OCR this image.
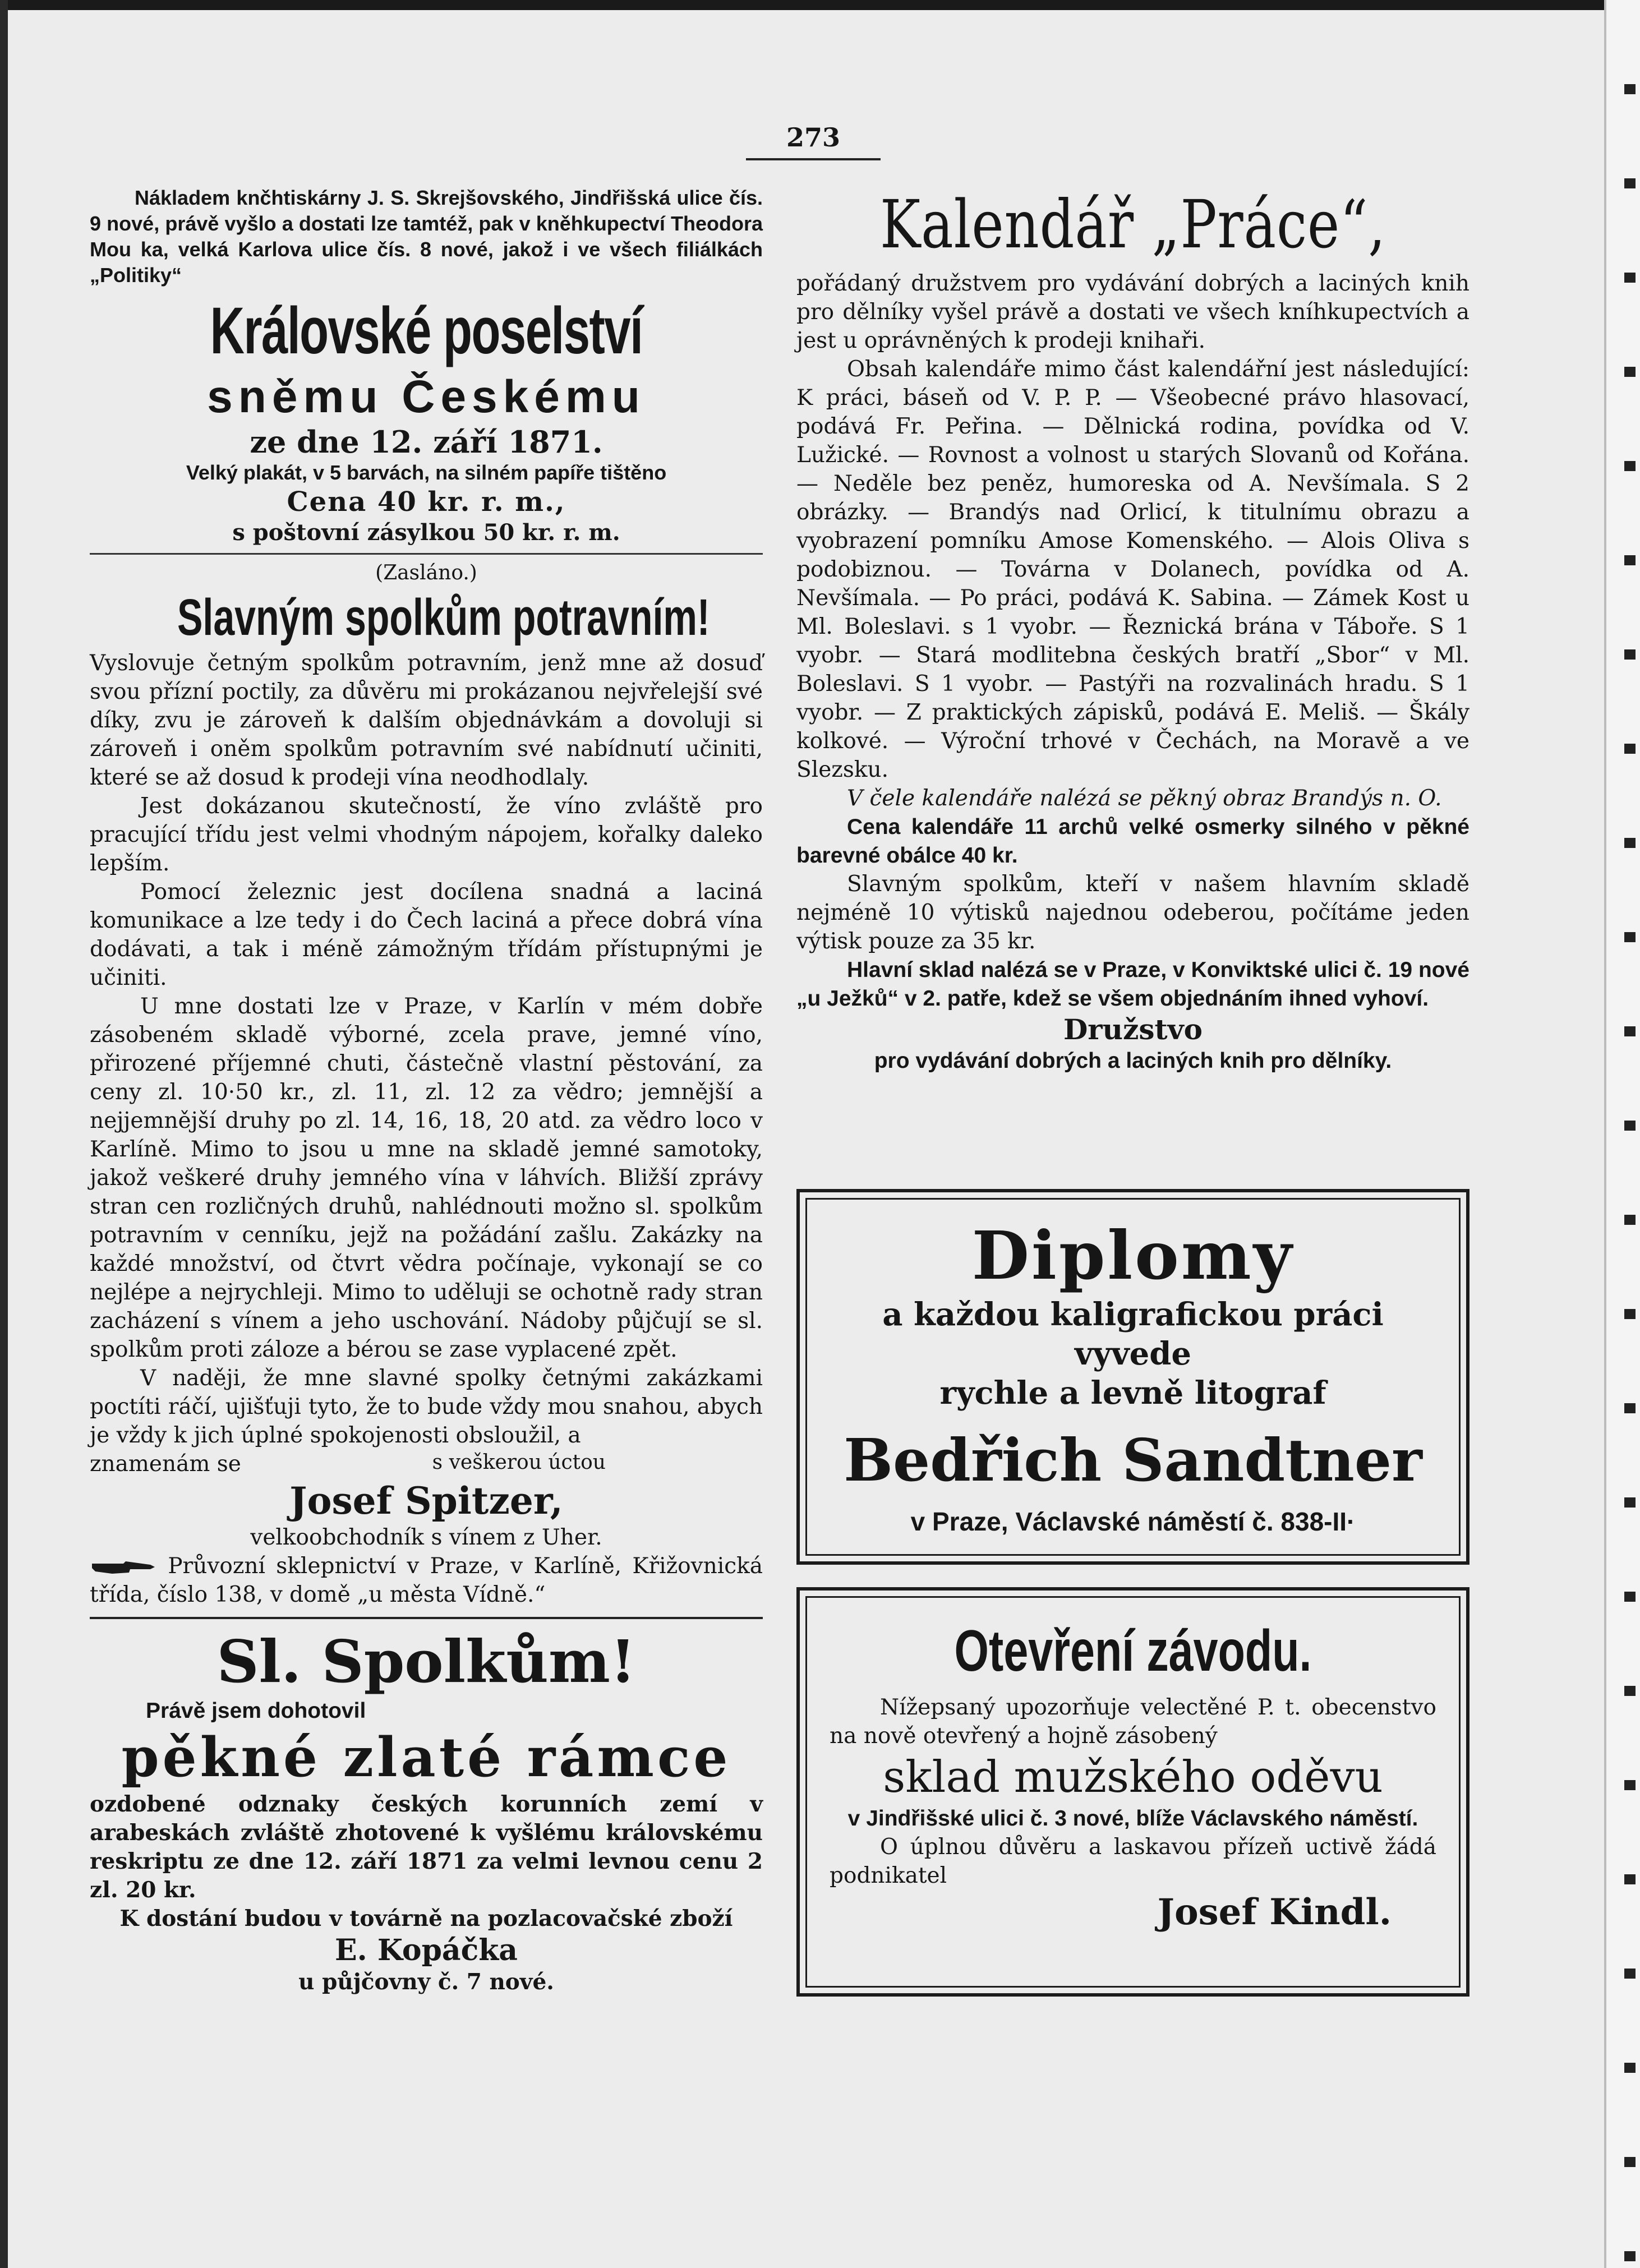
273

Nákladem knčhtiskárny J. S. Skrejšovského, Jindřišská ulice čís. 9 nové, právě vyšlo a dostati lze tamtéž, pak v kněhkupectví Theodora Mou ka, velká Karlova ulice čís. 8 nové, jakož i ve všech filiálkách „Politiky“

Královské poselství
sněmu Českému
ze dne 12. září 1871.

Velký plakát, v 5 barvách, na silném papíře tištěno

Cena 40 kr. r. m.,

s poštovní zásylkou 50 kr. r. m.

(Zasláno.)

Slavným spolkům potravním!

Vyslovuje četným spolkům potravním, jenž mne až dosuď svou přízní poctily, za důvěru mi prokázanou nejvřelejší své díky, zvu je zároveň k dalším objednávkám a dovoluji si zároveň i oněm spolkům potravním své nabídnutí učiniti, které se až dosud k prodeji vína neodhodlaly.

Jest dokázanou skutečností, že víno zvláště pro pracující třídu jest velmi vhodným nápojem, kořalky daleko lepším.

Pomocí železnic jest docílena snadná a laciná komunikace a lze tedy i do Čech laciná a přece dobrá vína dodávati, a tak i méně zámožným třídám přístupnými je učiniti.

U mne dostati lze v Praze, v Karlín v mém dobře zásobeném skladě výborné, zcela prave, jemné víno, přirozené příjemné chuti, částečně vlastní pěstování, za ceny zl. 10·50 kr., zl. 11, zl. 12 za vědro; jemnější a nejjemnější druhy po zl. 14, 16, 18, 20 atd. za vědro loco v Karlíně. Mimo to jsou u mne na skladě jemné samotoky, jakož veškeré druhy jemného vína v láhvích. Bližší zprávy stran cen rozličných druhů, nahlédnouti možno sl. spolkům potravním v cenníku, jejž na požádání zašlu. Zakázky na každé množství, od čtvrt vědra počínaje, vykonají se co nejlépe a nejrychleji. Mimo to uděluji se ochotně rady stran zacházení s vínem a jeho uschování. Nádoby půjčují se sl. spolkům proti záloze a bérou se zase vyplacené zpět.

V naději, že mne slavné spolky četnými zakázkami poctíti ráčí, ujišťuji tyto, že to bude vždy mou snahou, abych je vždy k jich úplné spokojenosti obsloužil, a

znamenám se	s veškerou úctou
Josef Spitzer,

velkoobchodník s vínem z Uher.

Průvozní sklepnictví v Praze, v Karlíně, Křižovnická třída, číslo 138, v domě „u města Vídně.“

Sl. Spolkům!

Právě jsem dohotovil

pěkné zlaté rámce

ozdobené odznaky českých korunních zemí v arabeskách zvláště zhotovené k vyšlému královskému reskriptu ze dne 12. září 1871 za velmi levnou cenu 2 zl. 20 kr.

K dostání budou v továrně na pozlacovačské zboží

E. Kopáčka

u půjčovny č. 7 nové.

Kalendář „Práce“,

pořádaný družstvem pro vydávání dobrých a laciných knih pro dělníky vyšel právě a dostati ve všech kníhkupectvích a jest u oprávněných k prodeji knihaři.

Obsah kalendáře mimo část kalendářní jest následující: K práci, báseň od V. P. P. — Všeobecné právo hlasovací, podává Fr. Peřina. — Dělnická rodina, povídka od V. Lužické. — Rovnost a volnost u starých Slovanů od Kořána. — Neděle bez peněz, humoreska od A. Nevšímala. S 2 obrázky. — Brandýs nad Orlicí, k titulnímu obrazu a vyobrazení pomníku Amose Komenského. — Alois Oliva s podobiznou. — Továrna v Dolanech, povídka od A. Nevšímala. — Po práci, podává K. Sabina. — Zámek Kost u Ml. Boleslavi. s 1 vyobr. — Řeznická brána v Táboře. S 1 vyobr. — Stará modlitebna českých bratří „Sbor“ v Ml. Boleslavi. S 1 vyobr. — Pastýři na rozvalinách hradu. S 1 vyobr. — Z praktických zápisků, podává E. Meliš. — Škály kolkové. — Výroční trhové v Čechách, na Moravě a ve Slezsku.

V čele kalendáře nalézá se pěkný obraz Brandýs n. O.

Cena kalendáře 11 archů velké osmerky silného v pěkné barevné obálce 40 kr.

Slavným spolkům, kteří v našem hlavním skladě nejméně 10 výtisků najednou odeberou, počítáme jeden výtisk pouze za 35 kr.

Hlavní sklad nalézá se v Praze, v Konviktské ulici č. 19 nové „u Ježků“ v 2. patře, kdež se všem objednáním ihned vyhoví.

Družstvo

pro vydávání dobrých a laciných knih pro dělníky.

Diplomy

a každou kaligrafickou práci vyvede

rychle a levně litograf

Bedřich Sandtner

v Praze, Václavské náměstí č. 838-II·

Otevření závodu.

Nížepsaný upozorňuje velectěné P. t. obecenstvo na nově otevřený a hojně zásobený

sklad mužského oděvu

v Jindřišské ulici č. 3 nové, blíže Václavského náměstí.

O úplnou důvěru a laskavou přízeň uctivě žádá podnikatel

Josef Kindl.
